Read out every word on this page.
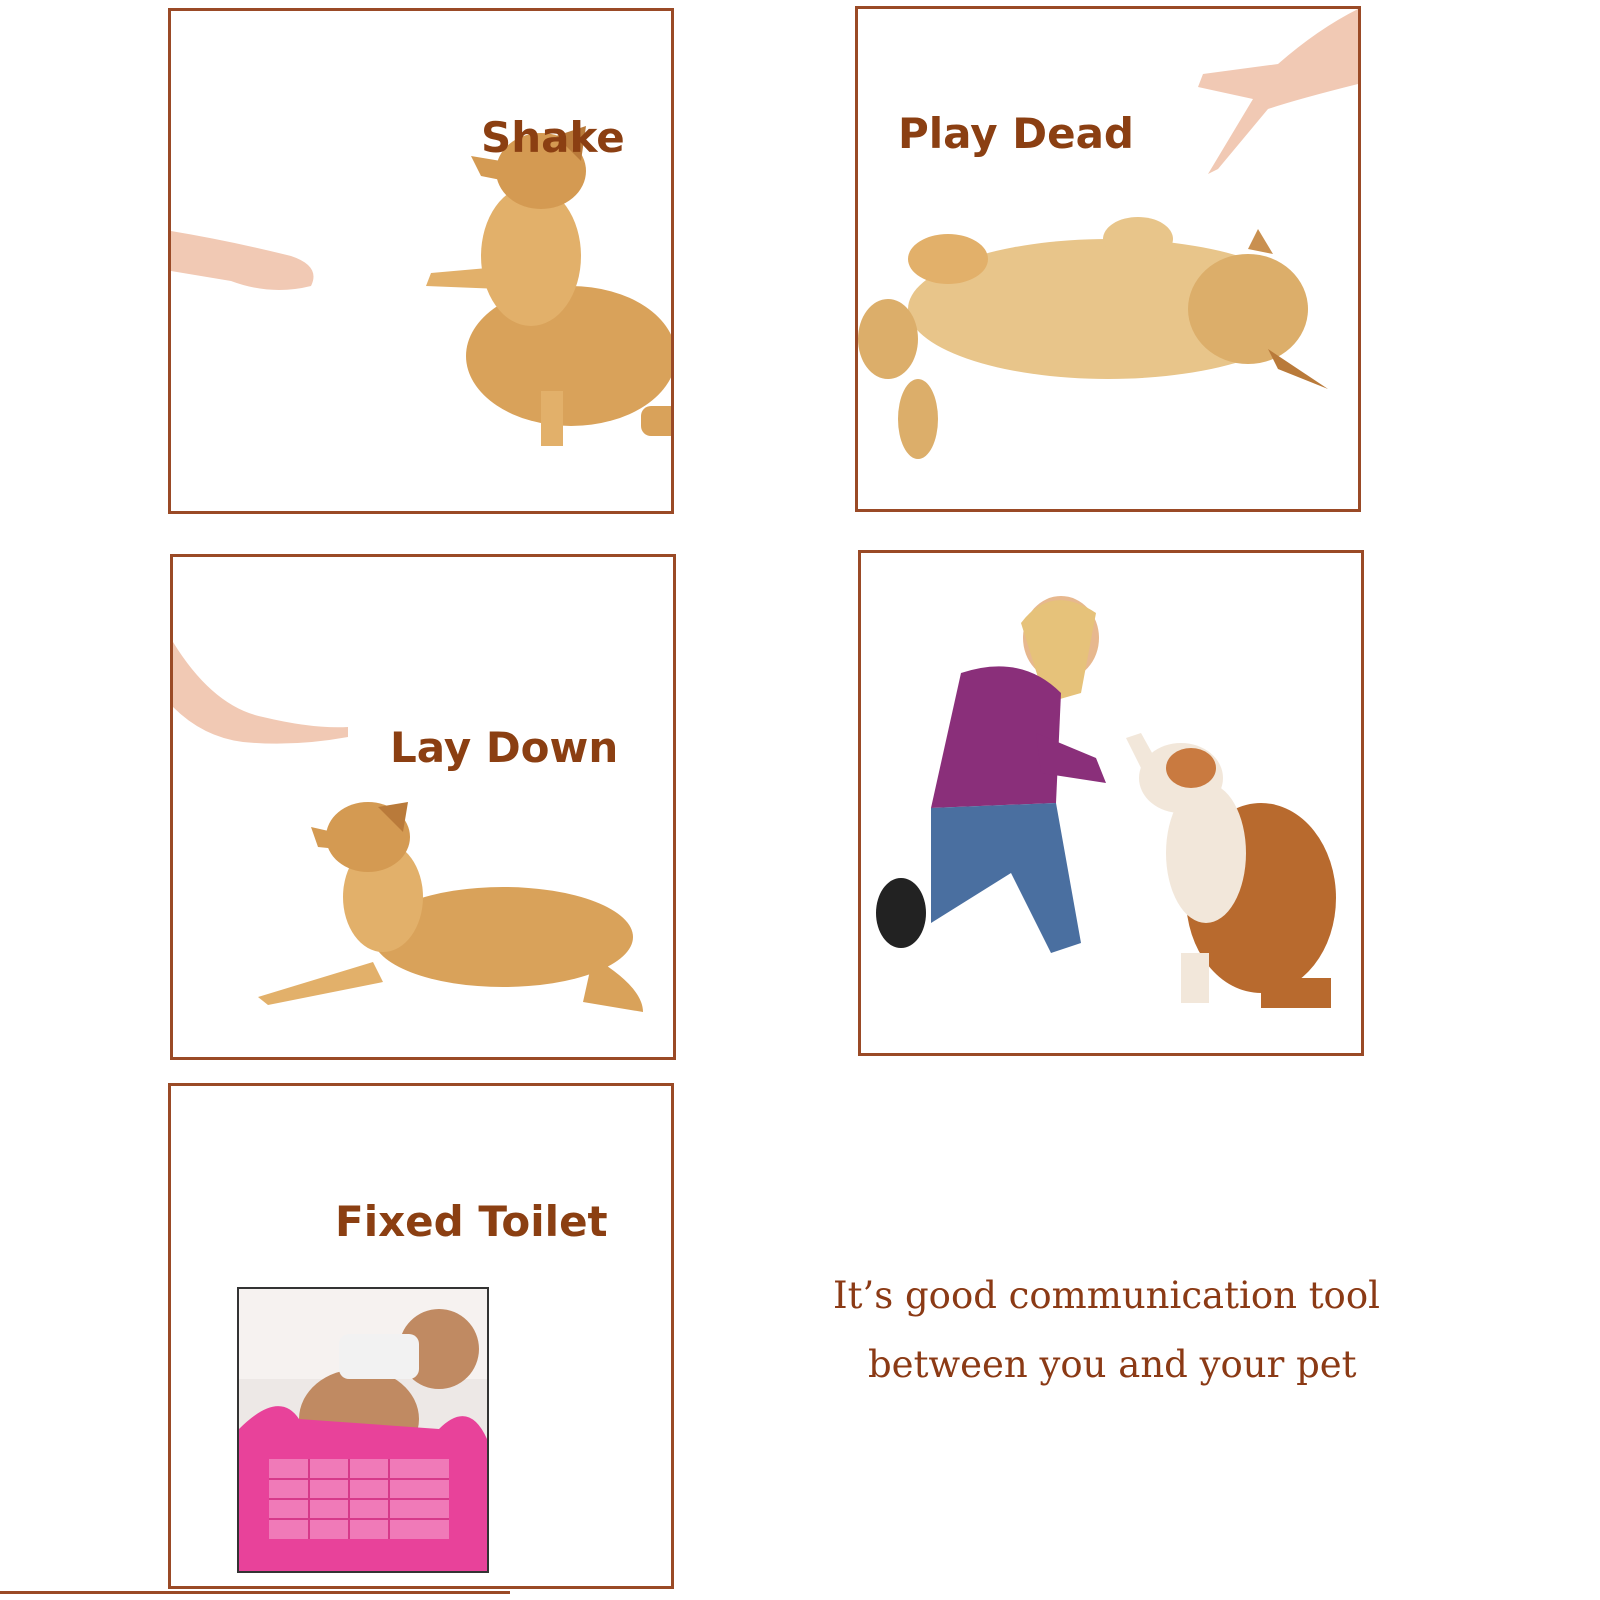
Shake	Play Dead
Lay Down
Fixed Toilet
It’s good communication tool
between you and your pet
